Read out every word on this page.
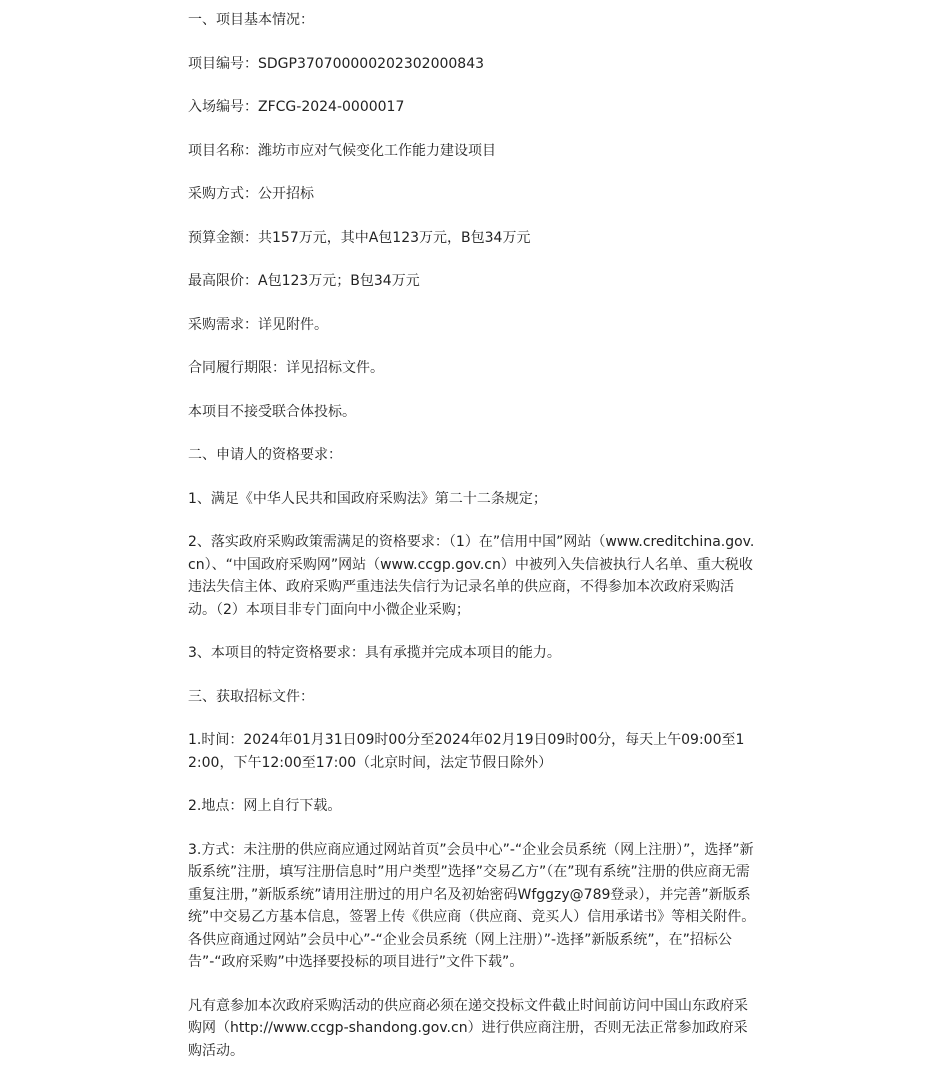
一、项目基本情况：

项目编号：SDGP370700000202302000843

入场编号：ZFCG-2024-0000017

项目名称：潍坊市应对气候变化工作能力建设项目

采购方式：公开招标

预算金额：共157万元，其中A包123万元，B包34万元

最高限价：A包123万元；B包34万元

采购需求：详见附件。

合同履行期限：详见招标文件。

本项目不接受联合体投标。

二、申请人的资格要求：

1、满足《中华人民共和国政府采购法》第二十二条规定；

2、落实政府采购政策需满足的资格要求：（1）在”信用中国”网站（www.creditchina.gov.cn）、“中国政府采购网”网站（www.ccgp.gov.cn）中被列入失信被执行人名单、重大税收违法失信主体、政府采购严重违法失信行为记录名单的供应商，不得参加本次政府采购活动。（2）本项目非专门面向中小微企业采购；

3、本项目的特定资格要求：具有承揽并完成本项目的能力。

三、获取招标文件：

1.时间：2024年01月31日09时00分至2024年02月19日09时00分，每天上午09:00至12:00，下午12:00至17:00（北京时间，法定节假日除外）

2.地点：网上自行下载。

3.方式：未注册的供应商应通过网站首页”会员中心”-“企业会员系统（网上注册）”，选择”新版系统”注册，填写注册信息时”用户类型”选择”交易乙方”（在”现有系统”注册的供应商无需重复注册，”新版系统”请用注册过的用户名及初始密码Wfggzy@789登录），并完善”新版系统”中交易乙方基本信息，签署上传《供应商（供应商、竞买人）信用承诺书》等相关附件。各供应商通过网站”会员中心”-“企业会员系统（网上注册）”-选择”新版系统”，在”招标公告”-“政府采购”中选择要投标的项目进行”文件下载”。

凡有意参加本次政府采购活动的供应商必须在递交投标文件截止时间前访问中国山东政府采购网（http://www.ccgp-shandong.gov.cn）进行供应商注册，否则无法正常参加政府采购活动。
